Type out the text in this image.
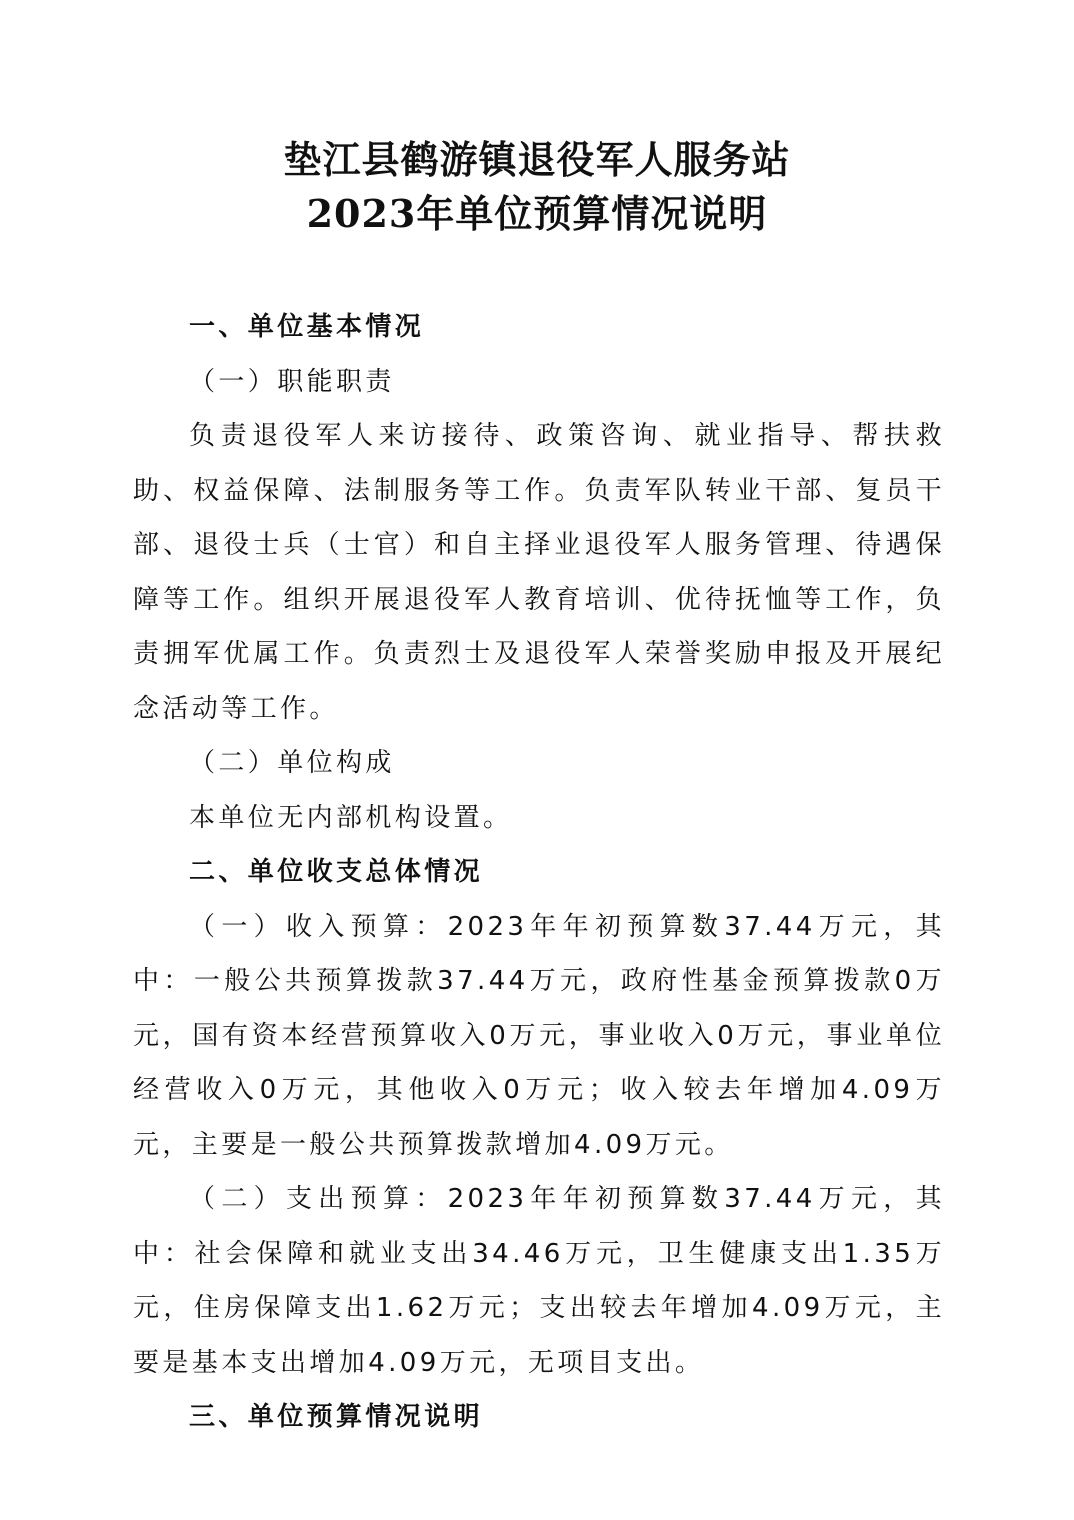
垫江县鹤游镇退役军人服务站
2023年单位预算情况说明
一、单位基本情况

（一）职能职责

负责退役军人来访接待、政策咨询、就业指导、帮扶救助、权益保障、法制服务等工作。负责军队转业干部、复员干部、退役士兵（士官）和自主择业退役军人服务管理、待遇保障等工作。组织开展退役军人教育培训、优待抚恤等工作，负责拥军优属工作。负责烈士及退役军人荣誉奖励申报及开展纪念活动等工作。

（二）单位构成

本单位无内部机构设置。

二、单位收支总体情况

（一）收入预算：2023年年初预算数37.44万元，其中：一般公共预算拨款37.44万元，政府性基金预算拨款0万元，国有资本经营预算收入0万元，事业收入0万元，事业单位经营收入0万元，其他收入0万元；收入较去年增加4.09万元，主要是一般公共预算拨款增加4.09万元。

（二）支出预算：2023年年初预算数37.44万元，其中：社会保障和就业支出34.46万元，卫生健康支出1.35万元，住房保障支出1.62万元；支出较去年增加4.09万元，主要是基本支出增加4.09万元，无项目支出。

三、单位预算情况说明
